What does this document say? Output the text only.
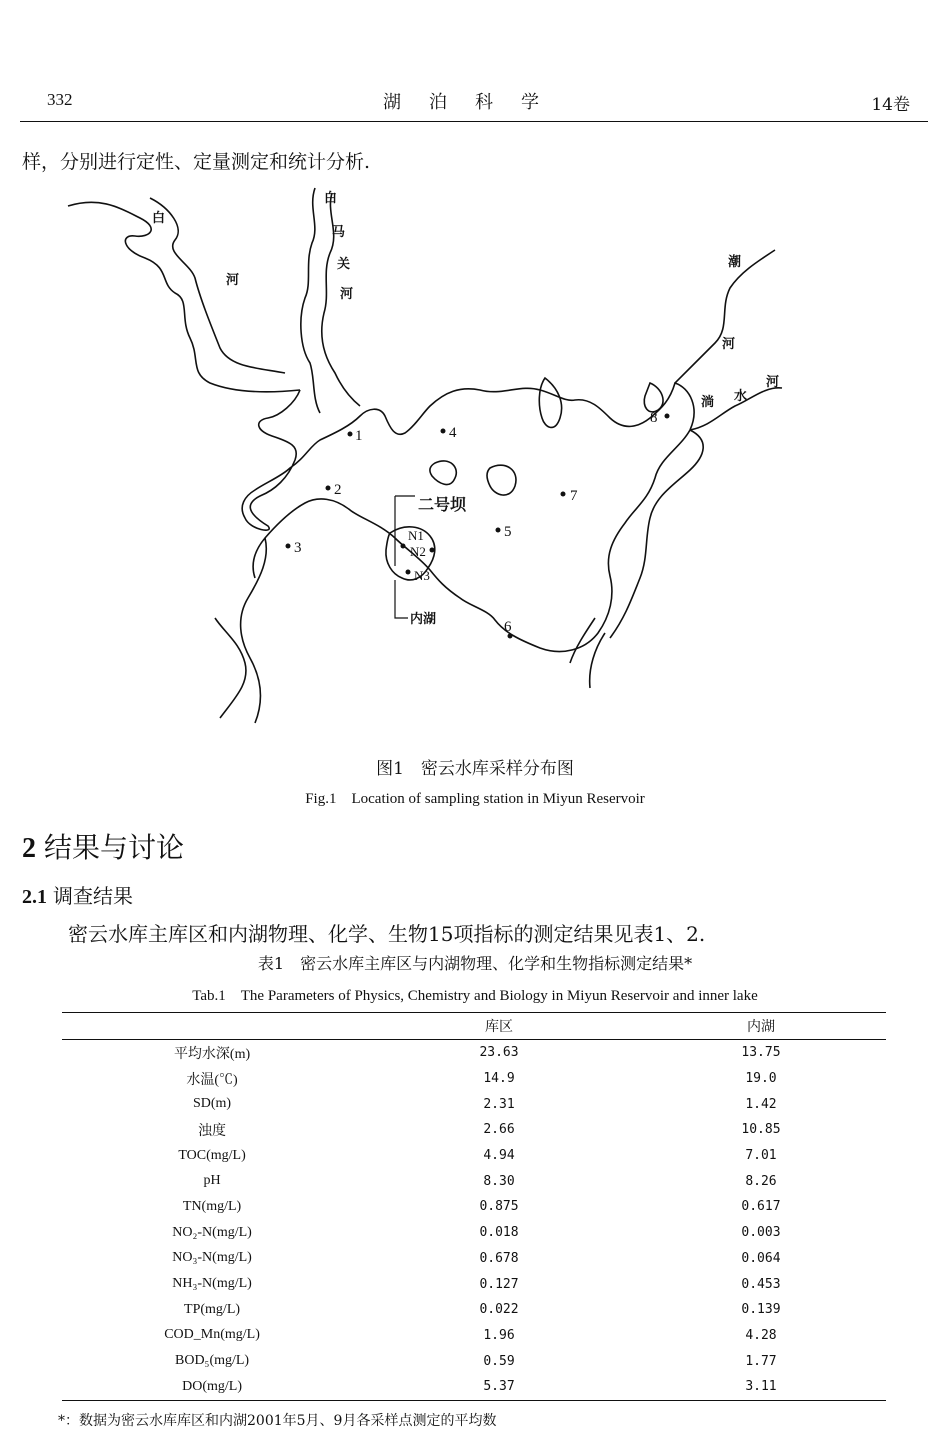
332	湖泊科学	14卷
样，分别进行定性、定量测定和统计分析.
1
2
3
4
5
6
7
8
N1
N2
N3
白
河
白
马
关
河
潮
河
淌 水
河
二号坝
内湖
图1　密云水库采样分布图
Fig.1　Location of sampling station in Miyun Reservoir
2 结果与讨论
2.1 调查结果
密云水库主库区和内湖物理、化学、生物15项指标的测定结果见表1、2.
表1　密云水库主库区与内湖物理、化学和生物指标测定结果*
Tab.1　The Parameters of Physics, Chemistry and Biology in Miyun Reservoir and inner lake
	库区	内湖
平均水深(m)	23.63	13.75
水温(℃)	14.9	19.0
SD(m)	2.31	1.42
浊度	2.66	10.85
TOC(mg/L)	4.94	7.01
pH	8.30	8.26
TN(mg/L)	0.875	0.617
NO₂-N(mg/L)	0.018	0.003
NO₃-N(mg/L)	0.678	0.064
NH₃-N(mg/L)	0.127	0.453
TP(mg/L)	0.022	0.139
COD_Mn(mg/L)	1.96	4.28
BOD₅(mg/L)	0.59	1.77
DO(mg/L)	5.37	3.11
*：数据为密云水库库区和内湖2001年5月、9月各采样点测定的平均数
